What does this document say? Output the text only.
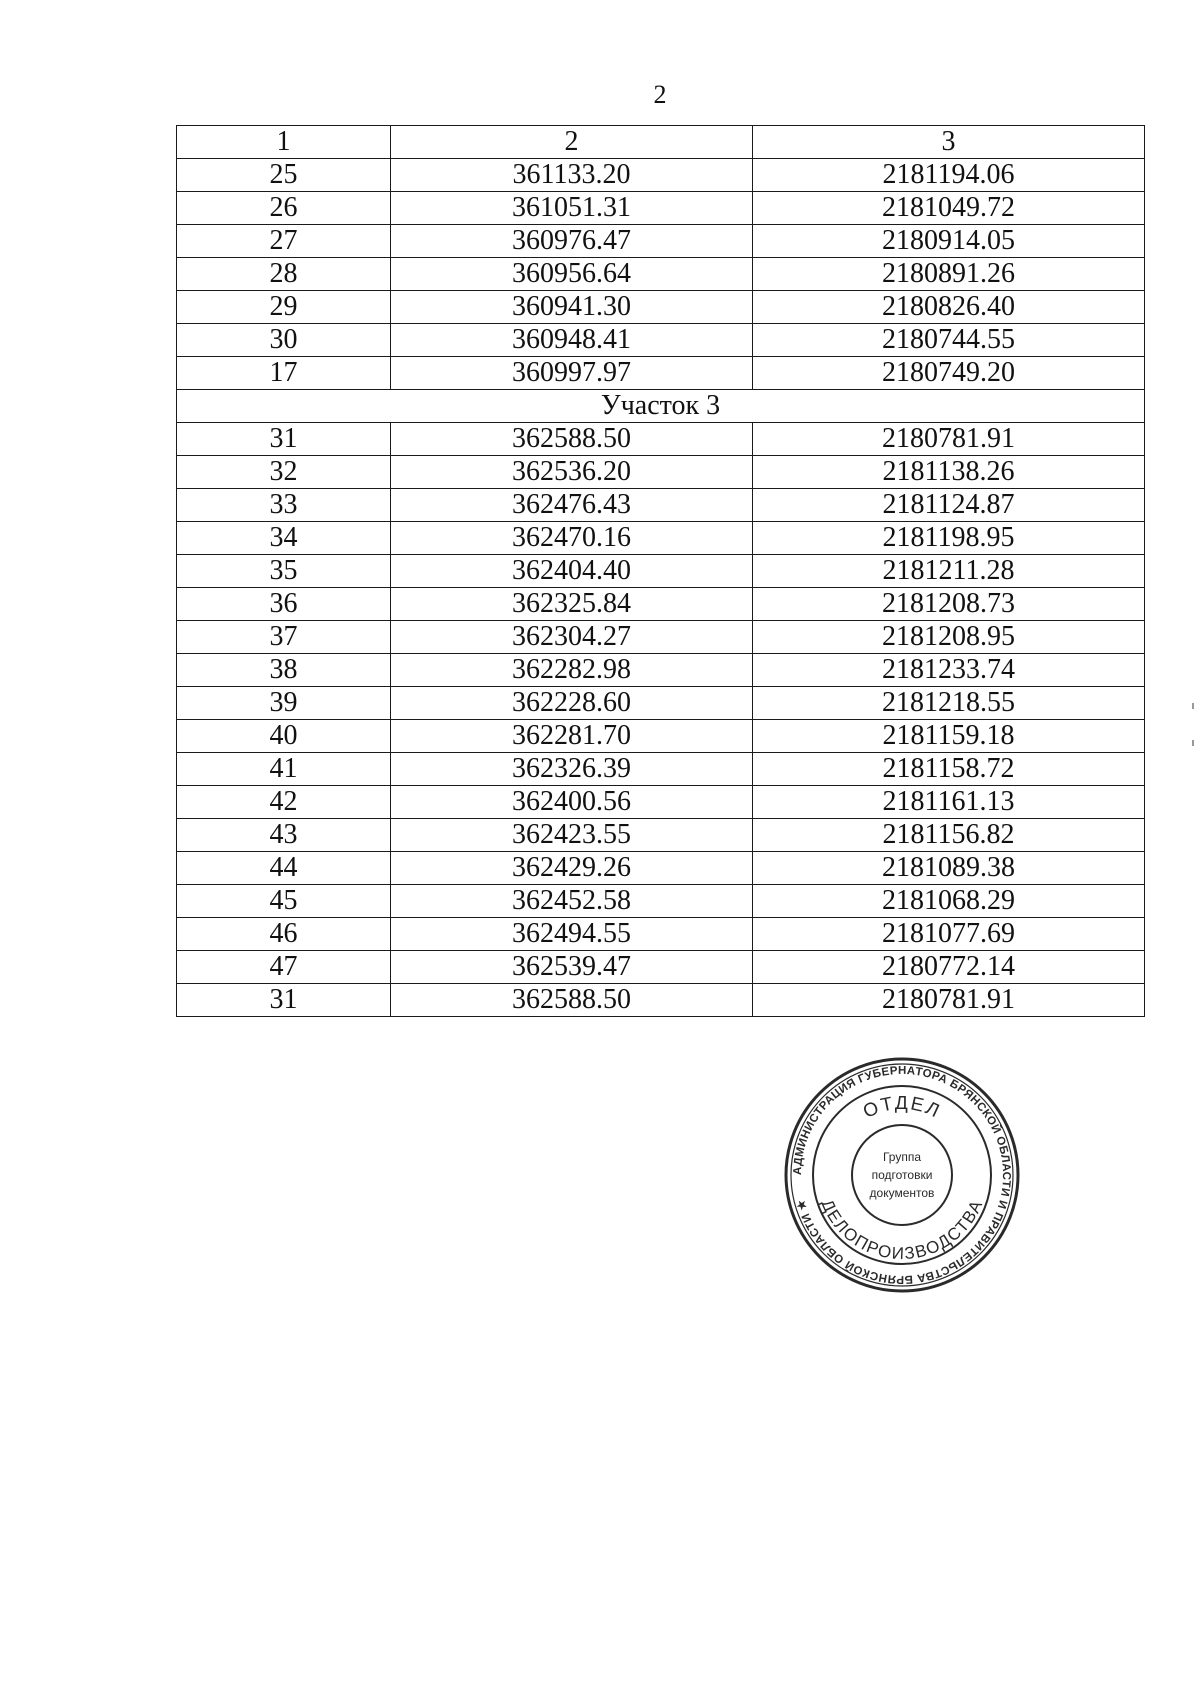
2
1	2	3
25	361133.20	2181194.06
26	361051.31	2181049.72
27	360976.47	2180914.05
28	360956.64	2180891.26
29	360941.30	2180826.40
30	360948.41	2180744.55
17	360997.97	2180749.20
Участок 3		
31	362588.50	2180781.91
32	362536.20	2181138.26
33	362476.43	2181124.87
34	362470.16	2181198.95
35	362404.40	2181211.28
36	362325.84	2181208.73
37	362304.27	2181208.95
38	362282.98	2181233.74
39	362228.60	2181218.55
40	362281.70	2181159.18
41	362326.39	2181158.72
42	362400.56	2181161.13
43	362423.55	2181156.82
44	362429.26	2181089.38
45	362452.58	2181068.29
46	362494.55	2181077.69
47	362539.47	2180772.14
31	362588.50	2180781.91
АДМИНИСТРАЦИЯ ГУБЕРНАТОРА БРЯНСКОЙ ОБЛАСТИ И ПРАВИТЕЛЬСТВА БРЯНСКОЙ ОБЛАСТИ ★
ОТДЕЛ
ДЕЛОПРОИЗВОДСТВА
Группа
подготовки
документов
